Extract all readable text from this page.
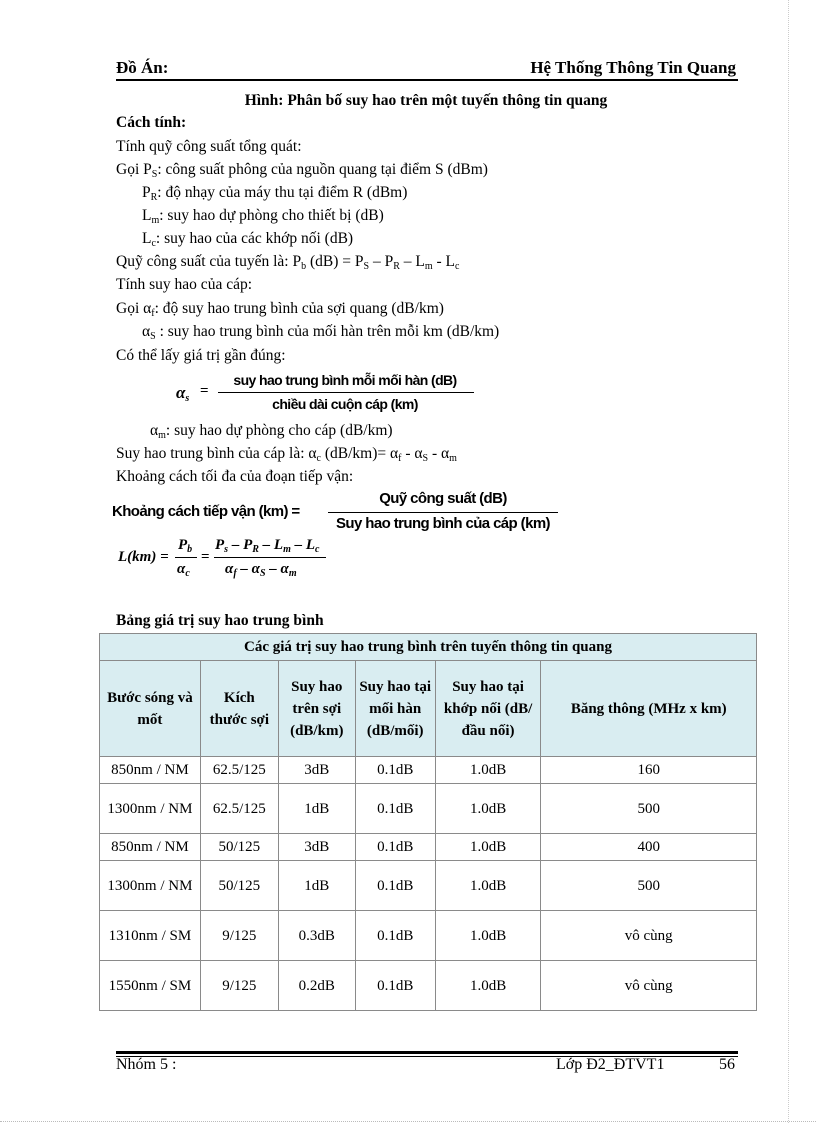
Đồ Án:	Hệ Thống Thông Tin Quang
Hình: Phân bố suy hao trên một tuyến thông tin quang
Cách tính:
Tính quỹ công suất tổng quát:
Gọi $P_S$: công suất phông của nguồn quang tại điểm S (dBm)
$P_R$: độ nhạy của máy thu tại điểm R (dBm)
$L_m$: suy hao dự phòng cho thiết bị (dB)
$L_c$: suy hao của các khớp nối (dB)
Quỹ công suất của tuyến là: $P_b$ $(dB) = P_S - P_R - L_m - L_c$
Tính suy hao của cáp:
Gọi $\alpha_f$: độ suy hao trung bình của sợi quang (dB/km)
$\alpha_S$ : suy hao trung bình của mối hàn trên mỗi km (dB/km)
Có thể lấy giá trị gần đúng:
$\alpha_s$ =
suy hao trung bình mỗi mối hàn (dB)
chiều dài cuộn cáp (km)
$\alpha_m$: suy hao dự phòng cho cáp (dB/km)
Suy hao trung bình của cáp là: $\alpha_c$ $(dB/km)= \alpha_f - \alpha_S - \alpha_m$
Khoảng cách tối đa của đoạn tiếp vận:
Khoảng cách tiếp vận (km) =
Quỹ công suất (dB)
Suy hao trung bình của cáp (km)
L(km) =
$P_b$
$\alpha_c$
=
$P_s - P_R - L_m - L_c$
$\alpha_f - \alpha_S - \alpha_m$
Bảng giá trị suy hao trung bình
Các giá trị suy hao trung bình trên tuyến thông tin quang					
Bước sóng và mốt	Kích thước sợi	Suy hao trên sợi (dB/km)	Suy hao tại mối hàn (dB/mối)	Suy hao tại khớp nối (dB/đầu nối)	Băng thông (MHz x km)
850nm / NM	62.5/125	3dB	0.1dB	1.0dB	160
1300nm / NM	62.5/125	1dB	0.1dB	1.0dB	500
850nm / NM	50/125	3dB	0.1dB	1.0dB	400
1300nm / NM	50/125	1dB	0.1dB	1.0dB	500
1310nm / SM	9/125	0.3dB	0.1dB	1.0dB	vô cùng
1550nm / SM	9/125	0.2dB	0.1dB	1.0dB	vô cùng
Nhóm 5 :	Lớp Đ2_ĐTVT1	56
